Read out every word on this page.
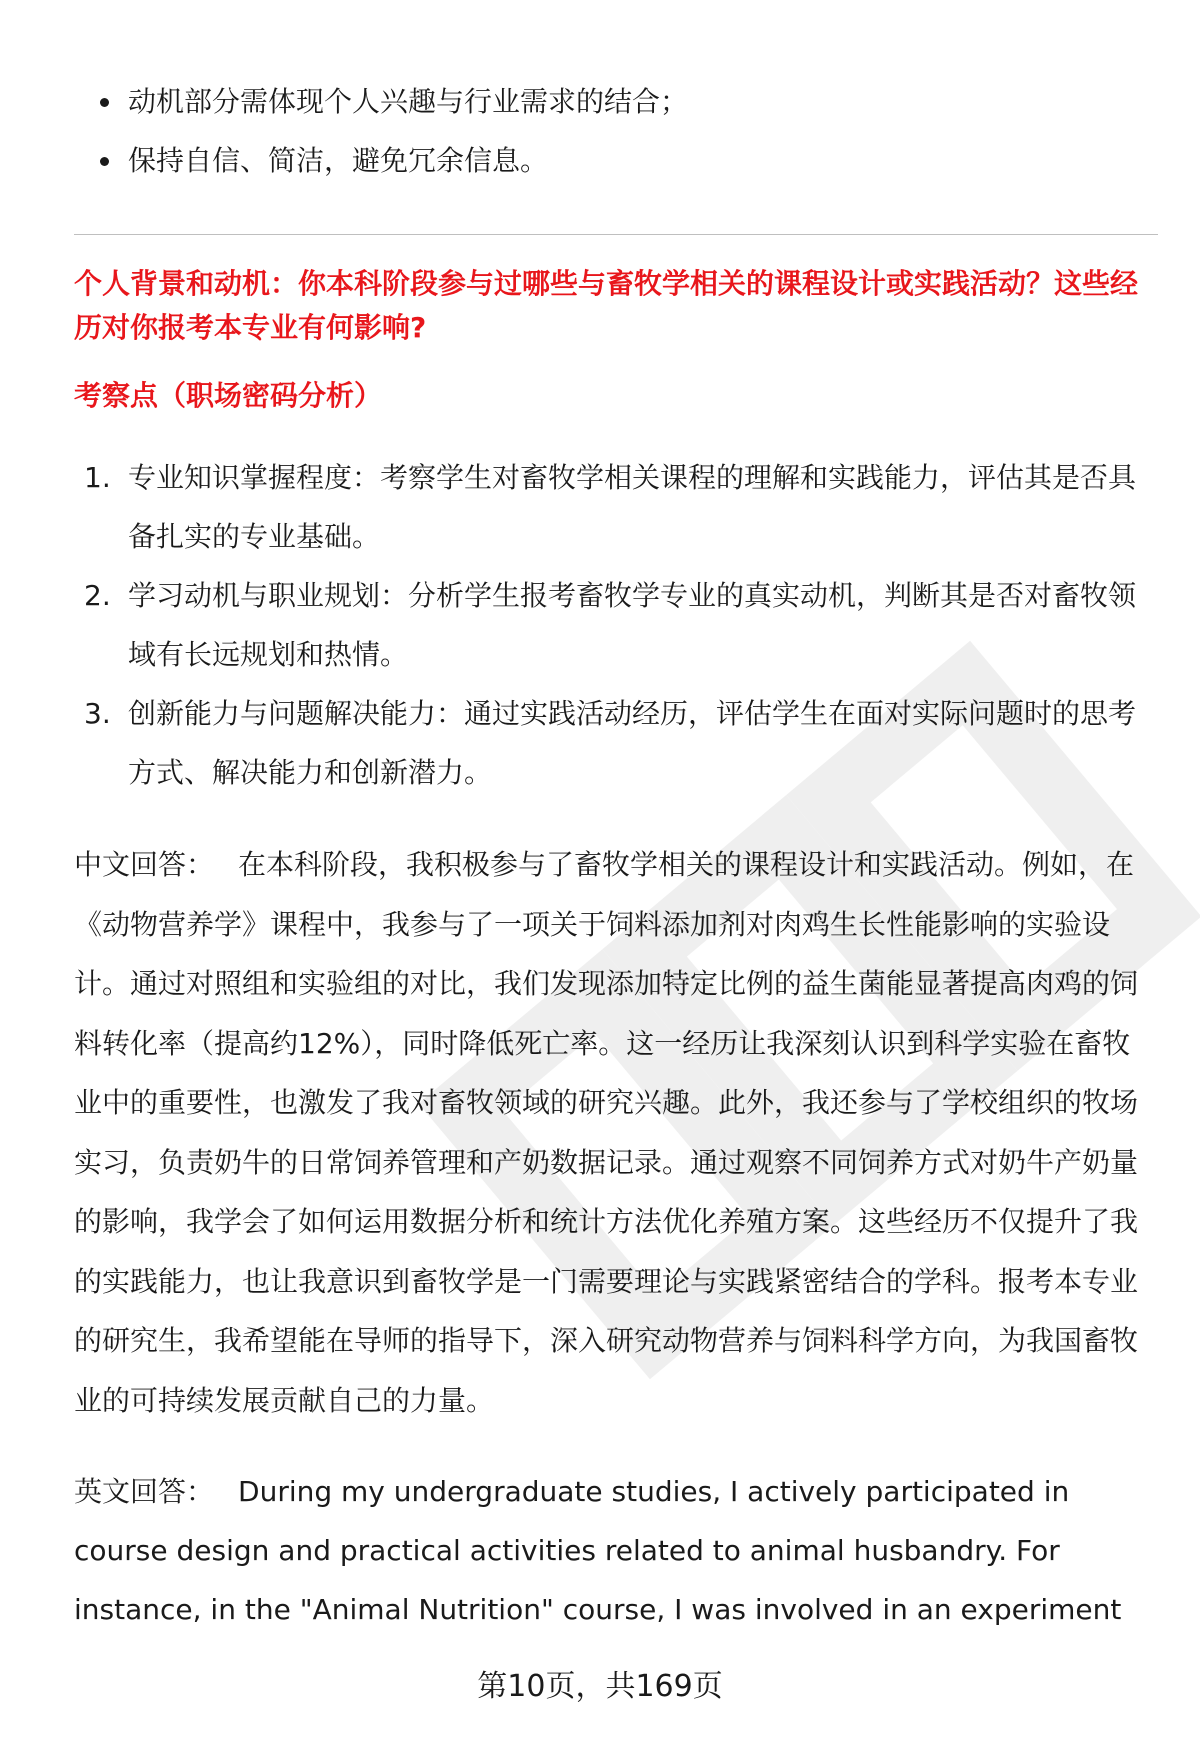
动机部分需体现个人兴趣与行业需求的结合；
保持自信、简洁，避免冗余信息。
个人背景和动机：你本科阶段参与过哪些与畜牧学相关的课程设计或实践活动？这些经历对你报考本专业有何影响?
考察点（职场密码分析）
1. 专业知识掌握程度：考察学生对畜牧学相关课程的理解和实践能力，评估其是否具备扎实的专业基础。
2. 学习动机与职业规划：分析学生报考畜牧学专业的真实动机，判断其是否对畜牧领域有长远规划和热情。
3. 创新能力与问题解决能力：通过实践活动经历，评估学生在面对实际问题时的思考方式、解决能力和创新潜力。
中文回答： 在本科阶段，我积极参与了畜牧学相关的课程设计和实践活动。例如，在《动物营养学》课程中，我参与了一项关于饲料添加剂对肉鸡生长性能影响的实验设计。通过对照组和实验组的对比，我们发现添加特定比例的益生菌能显著提高肉鸡的饲料转化率（提高约12%），同时降低死亡率。这一经历让我深刻认识到科学实验在畜牧业中的重要性，也激发了我对畜牧领域的研究兴趣。此外，我还参与了学校组织的牧场实习，负责奶牛的日常饲养管理和产奶数据记录。通过观察不同饲养方式对奶牛产奶量的影响，我学会了如何运用数据分析和统计方法优化养殖方案。这些经历不仅提升了我的实践能力，也让我意识到畜牧学是一门需要理论与实践紧密结合的学科。报考本专业的研究生，我希望能在导师的指导下，深入研究动物营养与饲料科学方向，为我国畜牧业的可持续发展贡献自己的力量。
英文回答： During my undergraduate studies, I actively participated in course design and practical activities related to animal husbandry. For instance, in the "Animal Nutrition" course, I was involved in an experiment
第10页，共169页
